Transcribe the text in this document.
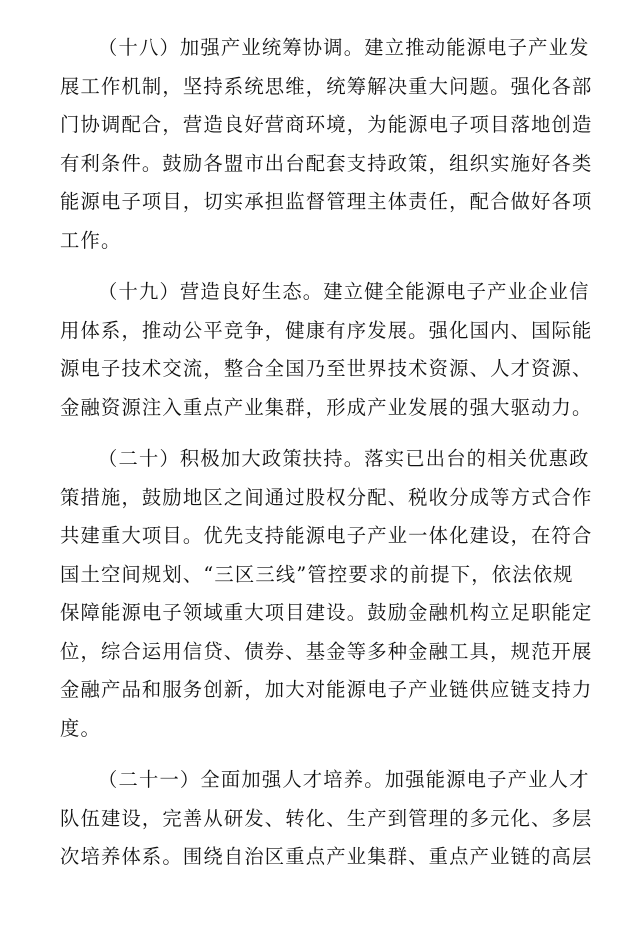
（十八）加强产业统筹协调。建立推动能源电子产业发
展工作机制，坚持系统思维，统筹解决重大问题。强化各部
门协调配合，营造良好营商环境，为能源电子项目落地创造
有利条件。鼓励各盟市出台配套支持政策，组织实施好各类
能源电子项目，切实承担监督管理主体责任，配合做好各项
工作。
（十九）营造良好生态。建立健全能源电子产业企业信
用体系，推动公平竞争，健康有序发展。强化国内、国际能
源电子技术交流，整合全国乃至世界技术资源、人才资源、
金融资源注入重点产业集群，形成产业发展的强大驱动力。
（二十）积极加大政策扶持。落实已出台的相关优惠政
策措施，鼓励地区之间通过股权分配、税收分成等方式合作
共建重大项目。优先支持能源电子产业一体化建设，在符合
国土空间规划、“三区三线”管控要求的前提下，依法依规
保障能源电子领域重大项目建设。鼓励金融机构立足职能定
位，综合运用信贷、债券、基金等多种金融工具，规范开展
金融产品和服务创新，加大对能源电子产业链供应链支持力
度。
（二十一）全面加强人才培养。加强能源电子产业人才
队伍建设，完善从研发、转化、生产到管理的多元化、多层
次培养体系。围绕自治区重点产业集群、重点产业链的高层
